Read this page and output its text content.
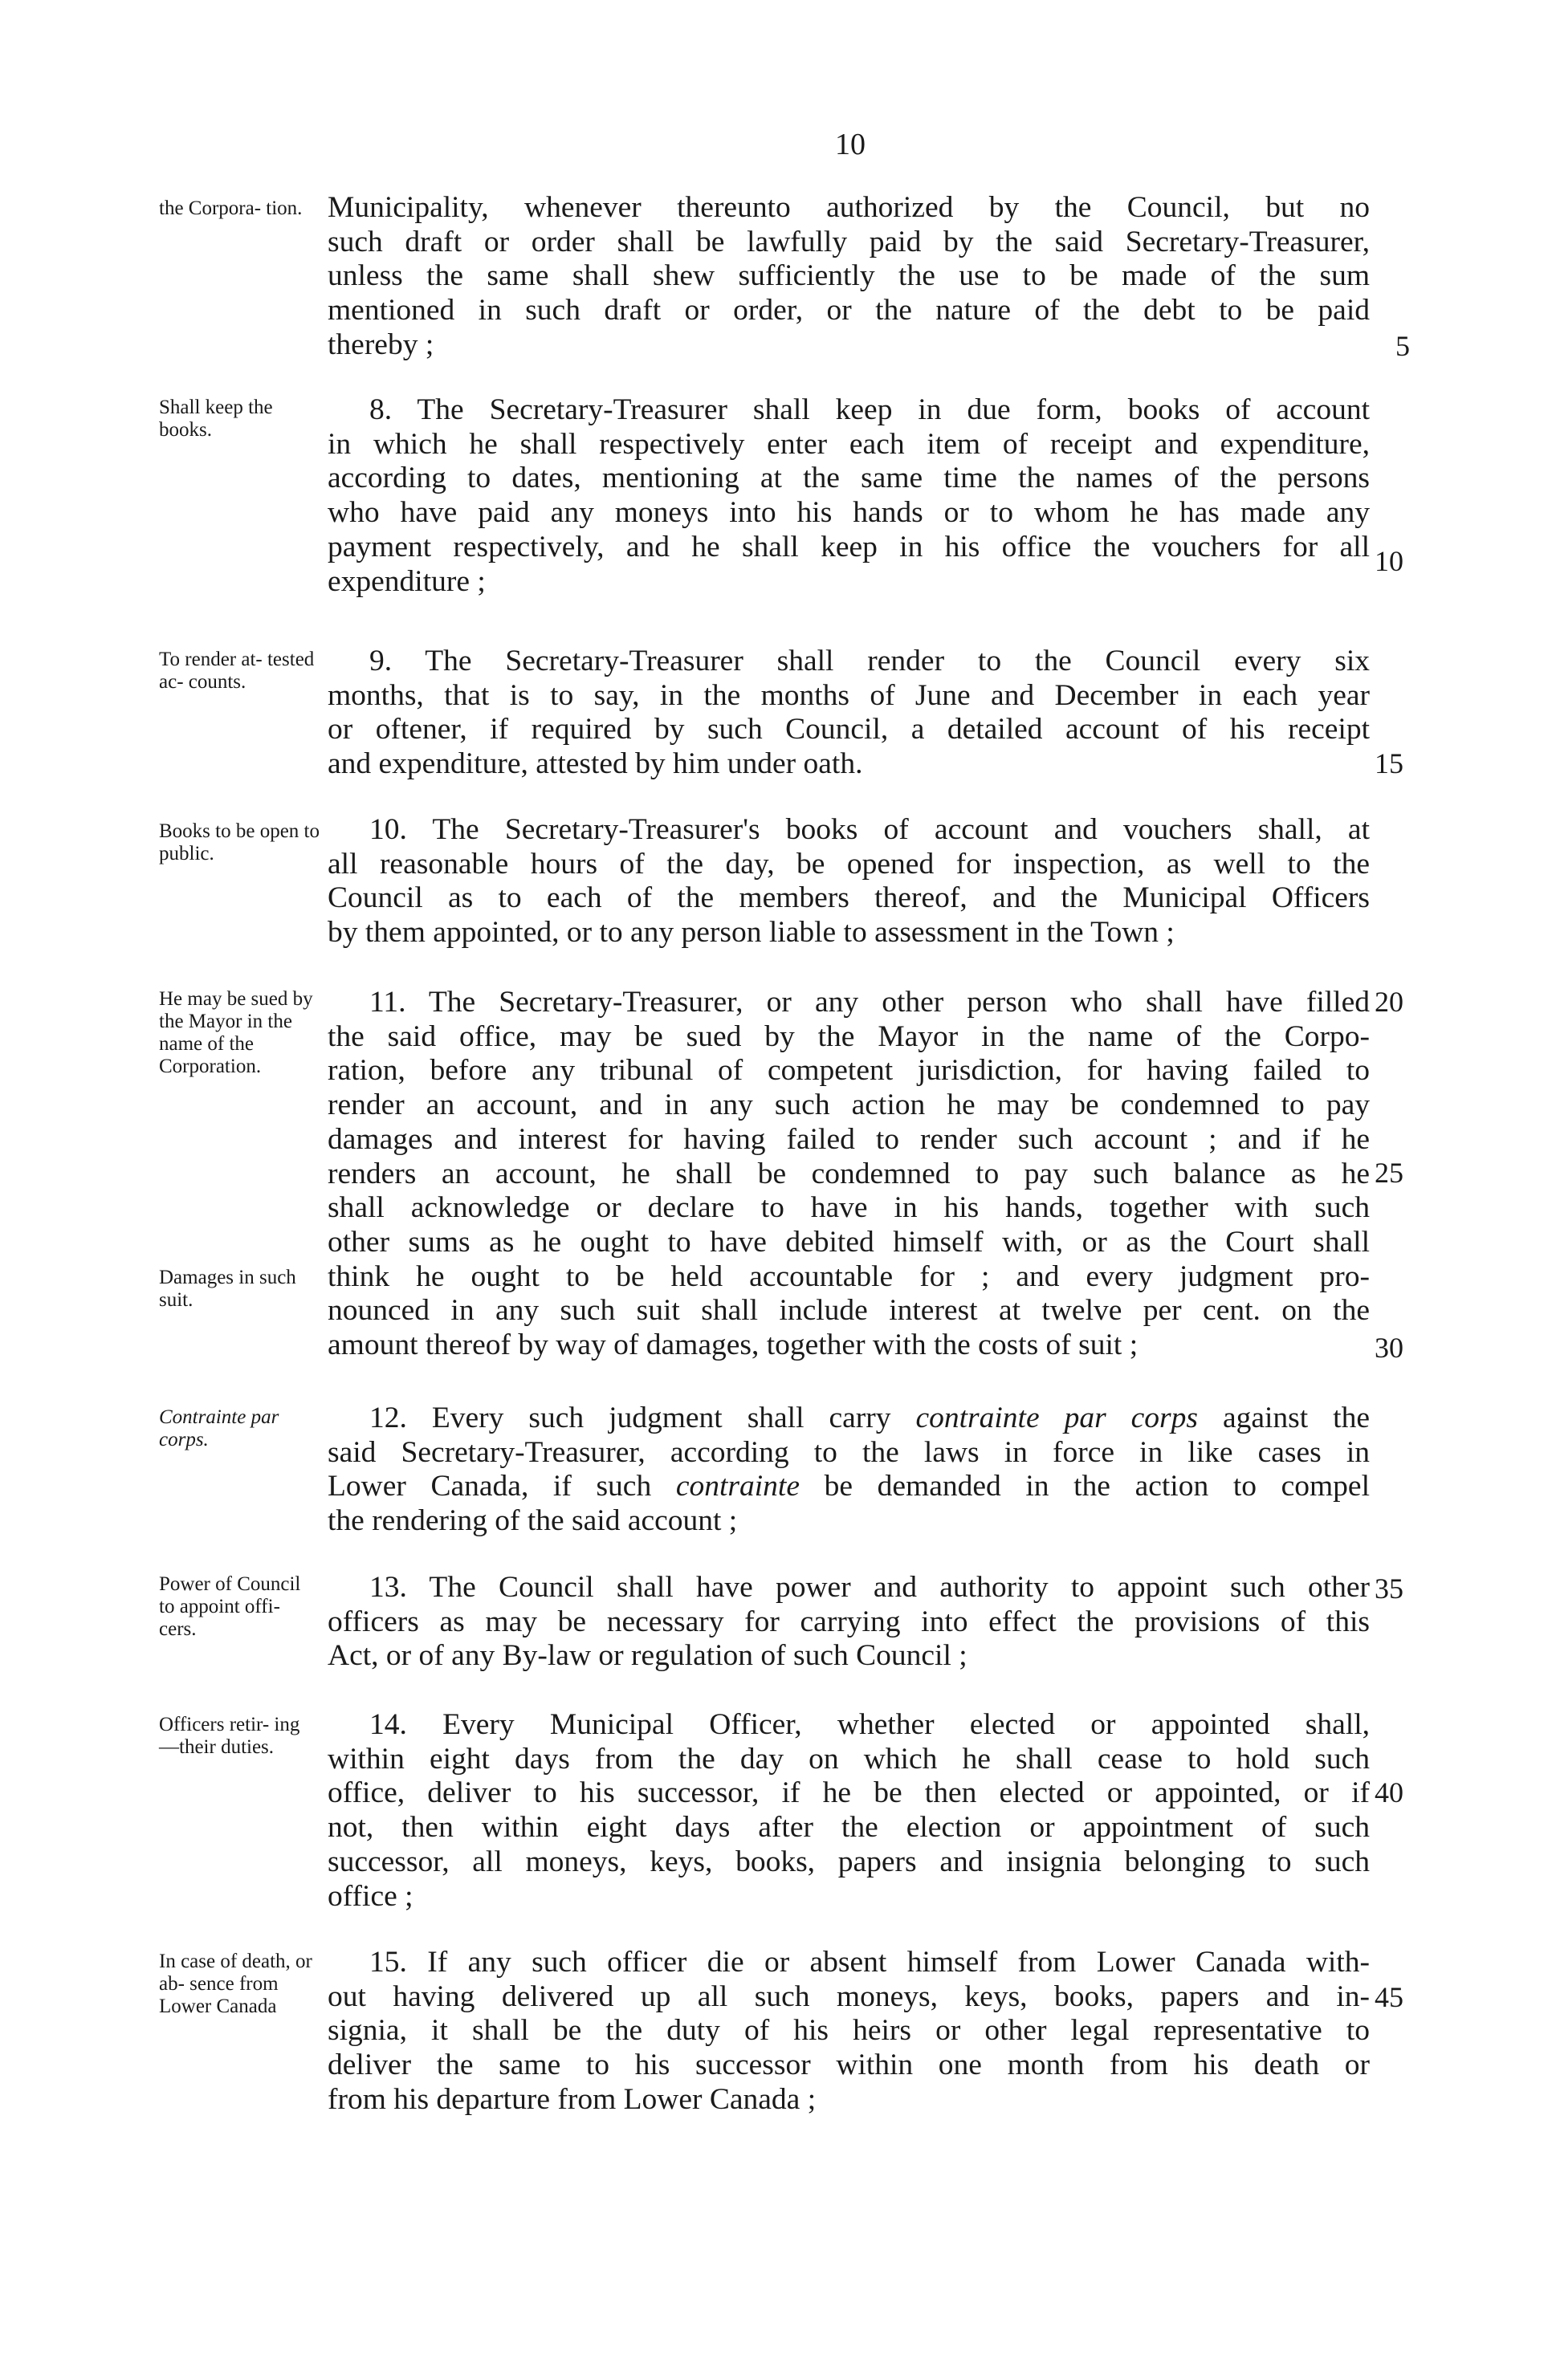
10
the Corpora- tion.
Shall keep the books.
To render at- tested ac- counts.
Books to be open to public.
He may be sued by the Mayor in the name of the Corporation.
Damages in such suit.
Contrainte par corps.
Power of Council to appoint offi- cers.
Officers retir- ing—their duties.
In case of death, or ab- sence from Lower Canada
Municipality, whenever thereunto authorized by the Council, but no
such draft or order shall be lawfully paid by the said Secretary-Treasurer,
unless the same shall shew sufficiently the use to be made of the sum
mentioned in such draft or order, or the nature of the debt to be paid
thereby ;
8. The Secretary-Treasurer shall keep in due form, books of account
in which he shall respectively enter each item of receipt and expenditure,
according to dates, mentioning at the same time the names of the persons
who have paid any moneys into his hands or to whom he has made any
payment respectively, and he shall keep in his office the vouchers for all
expenditure ;
9. The Secretary-Treasurer shall render to the Council every six
months, that is to say, in the months of June and December in each year
or oftener, if required by such Council, a detailed account of his receipt
and expenditure, attested by him under oath.
10. The Secretary-Treasurer's books of account and vouchers shall, at
all reasonable hours of the day, be opened for inspection, as well to the
Council as to each of the members thereof, and the Municipal Officers
by them appointed, or to any person liable to assessment in the Town ;
11. The Secretary-Treasurer, or any other person who shall have filled
the said office, may be sued by the Mayor in the name of the Corpo-
ration, before any tribunal of competent jurisdiction, for having failed to
render an account, and in any such action he may be condemned to pay
damages and interest for having failed to render such account ; and if he
renders an account, he shall be condemned to pay such balance as he
shall acknowledge or declare to have in his hands, together with such
other sums as he ought to have debited himself with, or as the Court shall
think he ought to be held accountable for ; and every judgment pro-
nounced in any such suit shall include interest at twelve per cent. on the
amount thereof by way of damages, together with the costs of suit ;
12. Every such judgment shall carry contrainte par corps against the
said Secretary-Treasurer, according to the laws in force in like cases in
Lower Canada, if such contrainte be demanded in the action to compel
the rendering of the said account ;
13. The Council shall have power and authority to appoint such other
officers as may be necessary for carrying into effect the provisions of this
Act, or of any By-law or regulation of such Council ;
14. Every Municipal Officer, whether elected or appointed shall,
within eight days from the day on which he shall cease to hold such
office, deliver to his successor, if he be then elected or appointed, or if
not, then within eight days after the election or appointment of such
successor, all moneys, keys, books, papers and insignia belonging to such
office ;
15. If any such officer die or absent himself from Lower Canada with-
out having delivered up all such moneys, keys, books, papers and in-
signia, it shall be the duty of his heirs or other legal representative to
deliver the same to his successor within one month from his death or
from his departure from Lower Canada ;
5
10
15
20
25
30
35
40
45
